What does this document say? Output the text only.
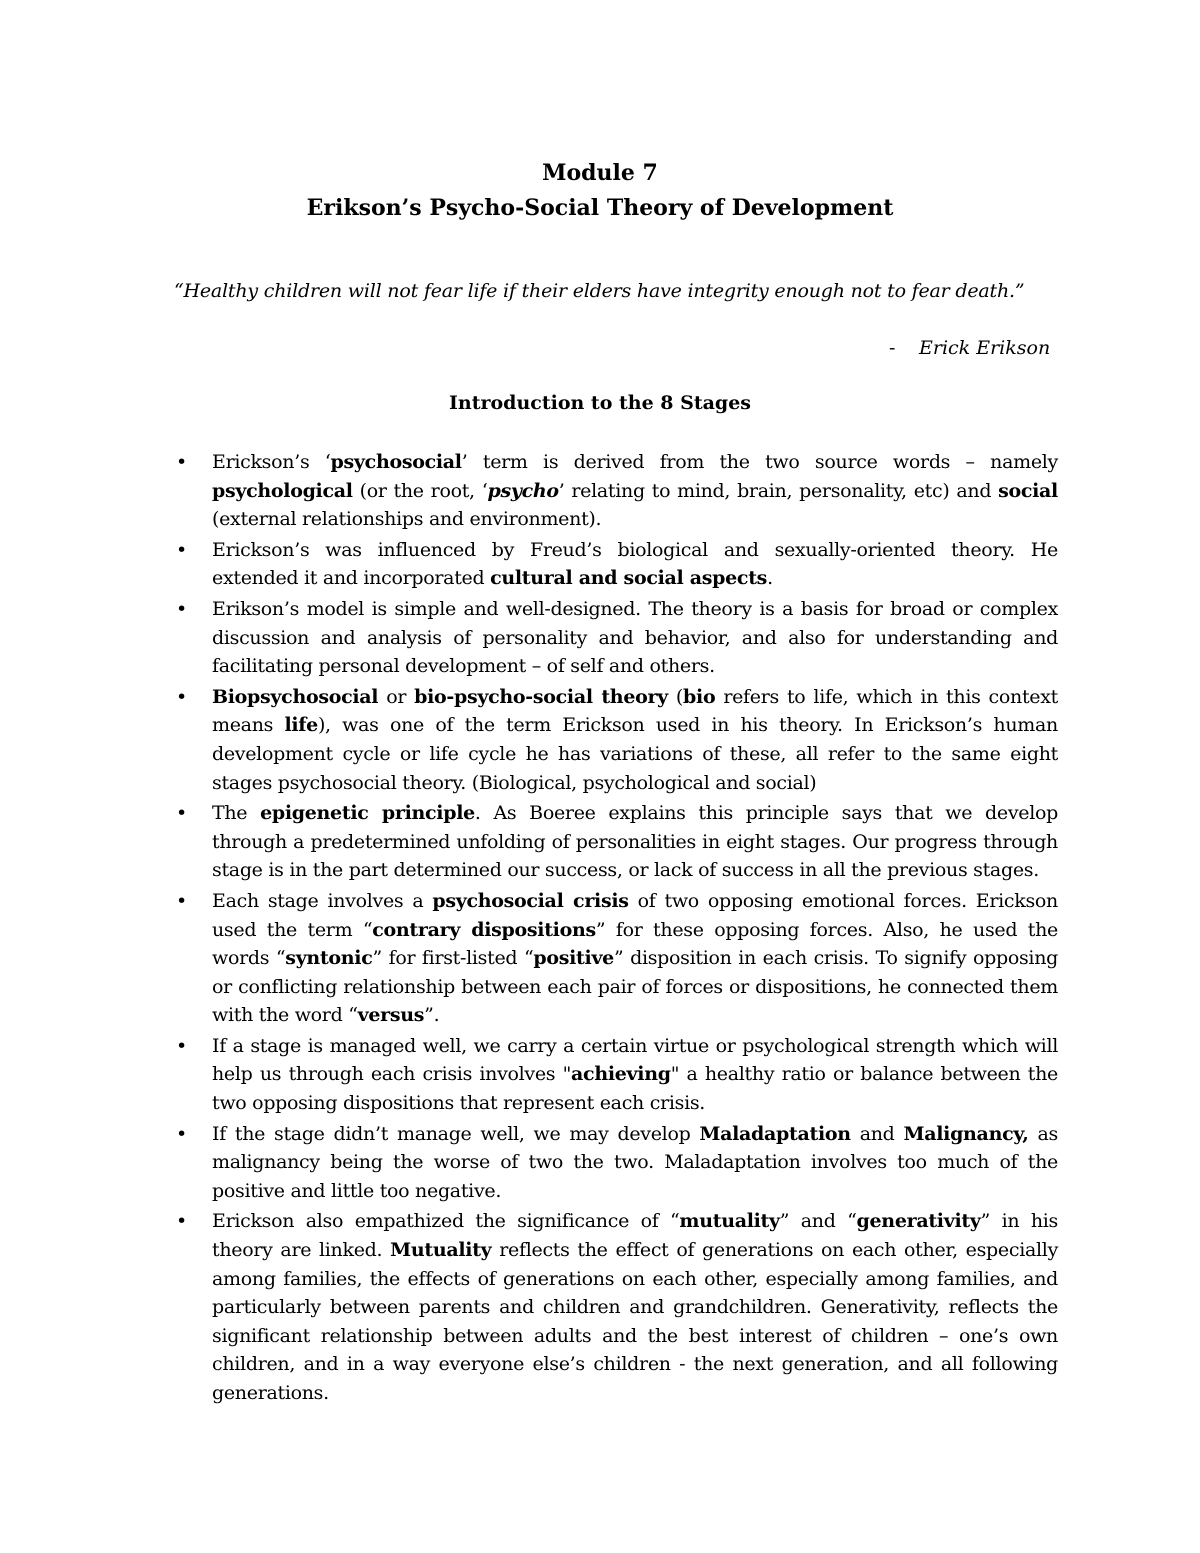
Module 7
Erikson’s Psycho-Social Theory of Development
“Healthy children will not fear life if their elders have integrity enough not to fear death.”
- Erick Erikson
Introduction to the 8 Stages
• Erickson’s ‘psychosocial’ term is derived from the two source words – namely psychological (or the root, ‘psycho’ relating to mind, brain, personality, etc) and social (external relationships and environment).
• Erickson’s was influenced by Freud’s biological and sexually-oriented theory. He extended it and incorporated cultural and social aspects.
• Erikson’s model is simple and well-designed. The theory is a basis for broad or complex discussion and analysis of personality and behavior, and also for understanding and facilitating personal development – of self and others.
• Biopsychosocial or bio-psycho-social theory (bio refers to life, which in this context means life), was one of the term Erickson used in his theory. In Erickson’s human development cycle or life cycle he has variations of these, all refer to the same eight stages psychosocial theory. (Biological, psychological and social)
• The epigenetic principle. As Boeree explains this principle says that we develop through a predetermined unfolding of personalities in eight stages. Our progress through stage is in the part determined our success, or lack of success in all the previous stages.
• Each stage involves a psychosocial crisis of two opposing emotional forces. Erickson used the term “contrary dispositions” for these opposing forces. Also, he used the words “syntonic” for first-listed “positive” disposition in each crisis. To signify opposing or conflicting relationship between each pair of forces or dispositions, he connected them with the word “versus”.
• If a stage is managed well, we carry a certain virtue or psychological strength which will help us through each crisis involves "achieving" a healthy ratio or balance between the two opposing dispositions that represent each crisis.
• If the stage didn’t manage well, we may develop Maladaptation and Malignancy, as malignancy being the worse of two the two. Maladaptation involves too much of the positive and little too negative.
• Erickson also empathized the significance of “mutuality” and “generativity” in his theory are linked. Mutuality reflects the effect of generations on each other, especially among families, the effects of generations on each other, especially among families, and particularly between parents and children and grandchildren. Generativity, reflects the significant relationship between adults and the best interest of children – one’s own children, and in a way everyone else’s children - the next generation, and all following generations.
